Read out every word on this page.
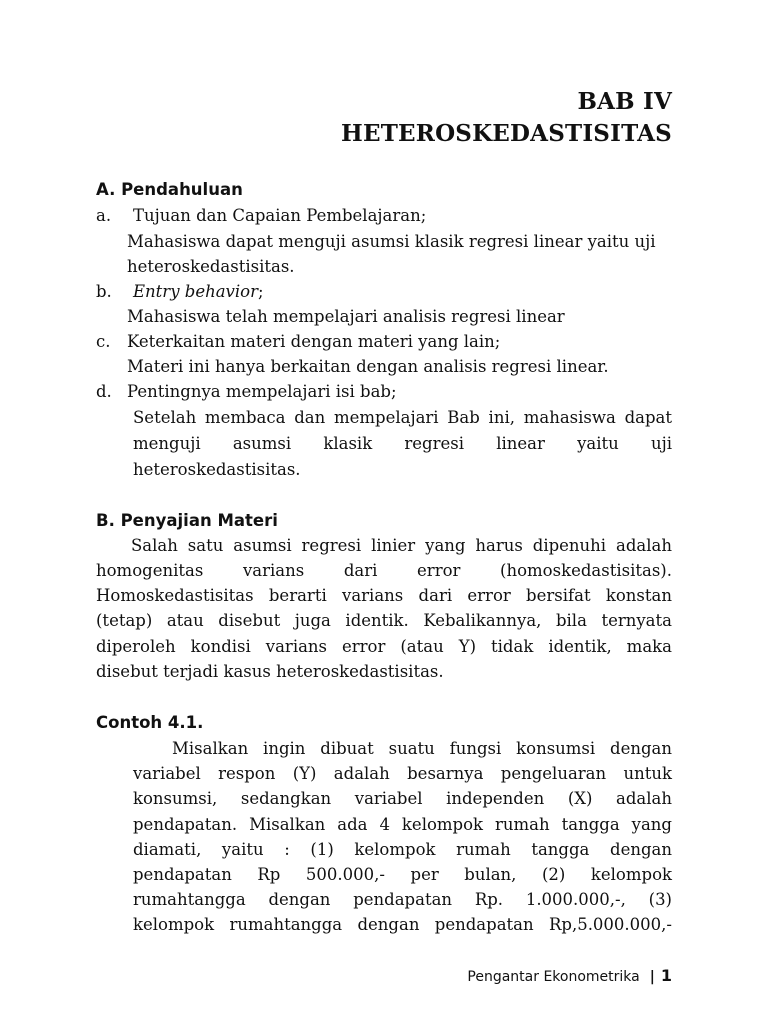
BAB IV
HETEROSKEDASTISITAS
A. Pendahuluan
a. Tujuan dan Capaian Pembelajaran;
Mahasiswa dapat menguji asumsi klasik regresi linear yaitu uji
heteroskedastisitas.
b. Entry behavior;
Mahasiswa telah mempelajari analisis regresi linear
c. Keterkaitan materi dengan materi yang lain;
Materi ini hanya berkaitan dengan analisis regresi linear.
d. Pentingnya mempelajari isi bab;
Setelah membaca dan mempelajari Bab ini, mahasiswa dapat
menguji asumsi klasik regresi linear yaitu uji
heteroskedastisitas.
B. Penyajian Materi
Salah satu asumsi regresi linier yang harus dipenuhi adalah
homogenitas varians dari error (homoskedastisitas).
Homoskedastisitas berarti varians dari error bersifat konstan
(tetap) atau disebut juga identik. Kebalikannya, bila ternyata
diperoleh kondisi varians error (atau Y) tidak identik, maka
disebut terjadi kasus heteroskedastisitas.
Contoh 4.1.
Misalkan ingin dibuat suatu fungsi konsumsi dengan
variabel respon (Y) adalah besarnya pengeluaran untuk
konsumsi, sedangkan variabel independen (X) adalah
pendapatan. Misalkan ada 4 kelompok rumah tangga yang
diamati, yaitu : (1) kelompok rumah tangga dengan
pendapatan Rp 500.000,- per bulan, (2) kelompok
rumahtangga dengan pendapatan Rp. 1.000.000,-, (3)
kelompok rumahtangga dengan pendapatan Rp,5.000.000,-
Pengantar Ekonometrika | 1
